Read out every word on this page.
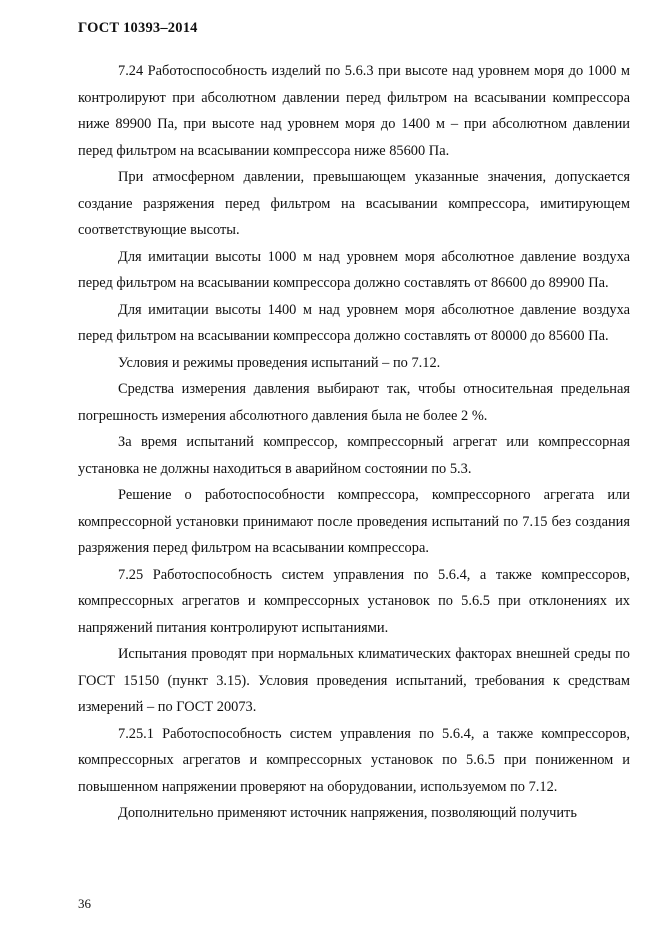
ГОСТ 10393–2014

7.24 Работоспособность изделий по 5.6.3 при высоте над уровнем моря до 1000 м контролируют при абсолютном давлении перед фильтром на всасывании компрессора ниже 89900 Па, при высоте над уровнем моря до 1400 м – при абсолютном давлении перед фильтром на всасывании компрессора ниже 85600 Па.

При атмосферном давлении, превышающем указанные значения, допускается создание разряжения перед фильтром на всасывании компрессора, имитирующем соответствующие высоты.

Для имитации высоты 1000 м над уровнем моря абсолютное давление воздуха перед фильтром на всасывании компрессора должно составлять от 86600 до 89900 Па.

Для имитации высоты 1400 м над уровнем моря абсолютное давление воздуха перед фильтром на всасывании компрессора должно составлять от 80000 до 85600 Па.

Условия и режимы проведения испытаний – по 7.12.

Средства измерения давления выбирают так, чтобы относительная предельная погрешность измерения абсолютного давления была не более 2 %.

За время испытаний компрессор, компрессорный агрегат или компрессорная установка не должны находиться в аварийном состоянии по 5.3.

Решение о работоспособности компрессора, компрессорного агрегата или компрессорной установки принимают после проведения испытаний по 7.15 без создания разряжения перед фильтром на всасывании компрессора.

7.25 Работоспособность систем управления по 5.6.4, а также компрессоров, компрессорных агрегатов и компрессорных установок по 5.6.5 при отклонениях их напряжений питания контролируют испытаниями.

Испытания проводят при нормальных климатических факторах внешней среды по ГОСТ 15150 (пункт 3.15). Условия проведения испытаний, требования к средствам измерений – по ГОСТ 20073.

7.25.1 Работоспособность систем управления по 5.6.4, а также компрессоров, компрессорных агрегатов и компрессорных установок по 5.6.5 при пониженном и повышенном напряжении проверяют на оборудовании, используемом по 7.12.

Дополнительно применяют источник напряжения, позволяющий получить

36
